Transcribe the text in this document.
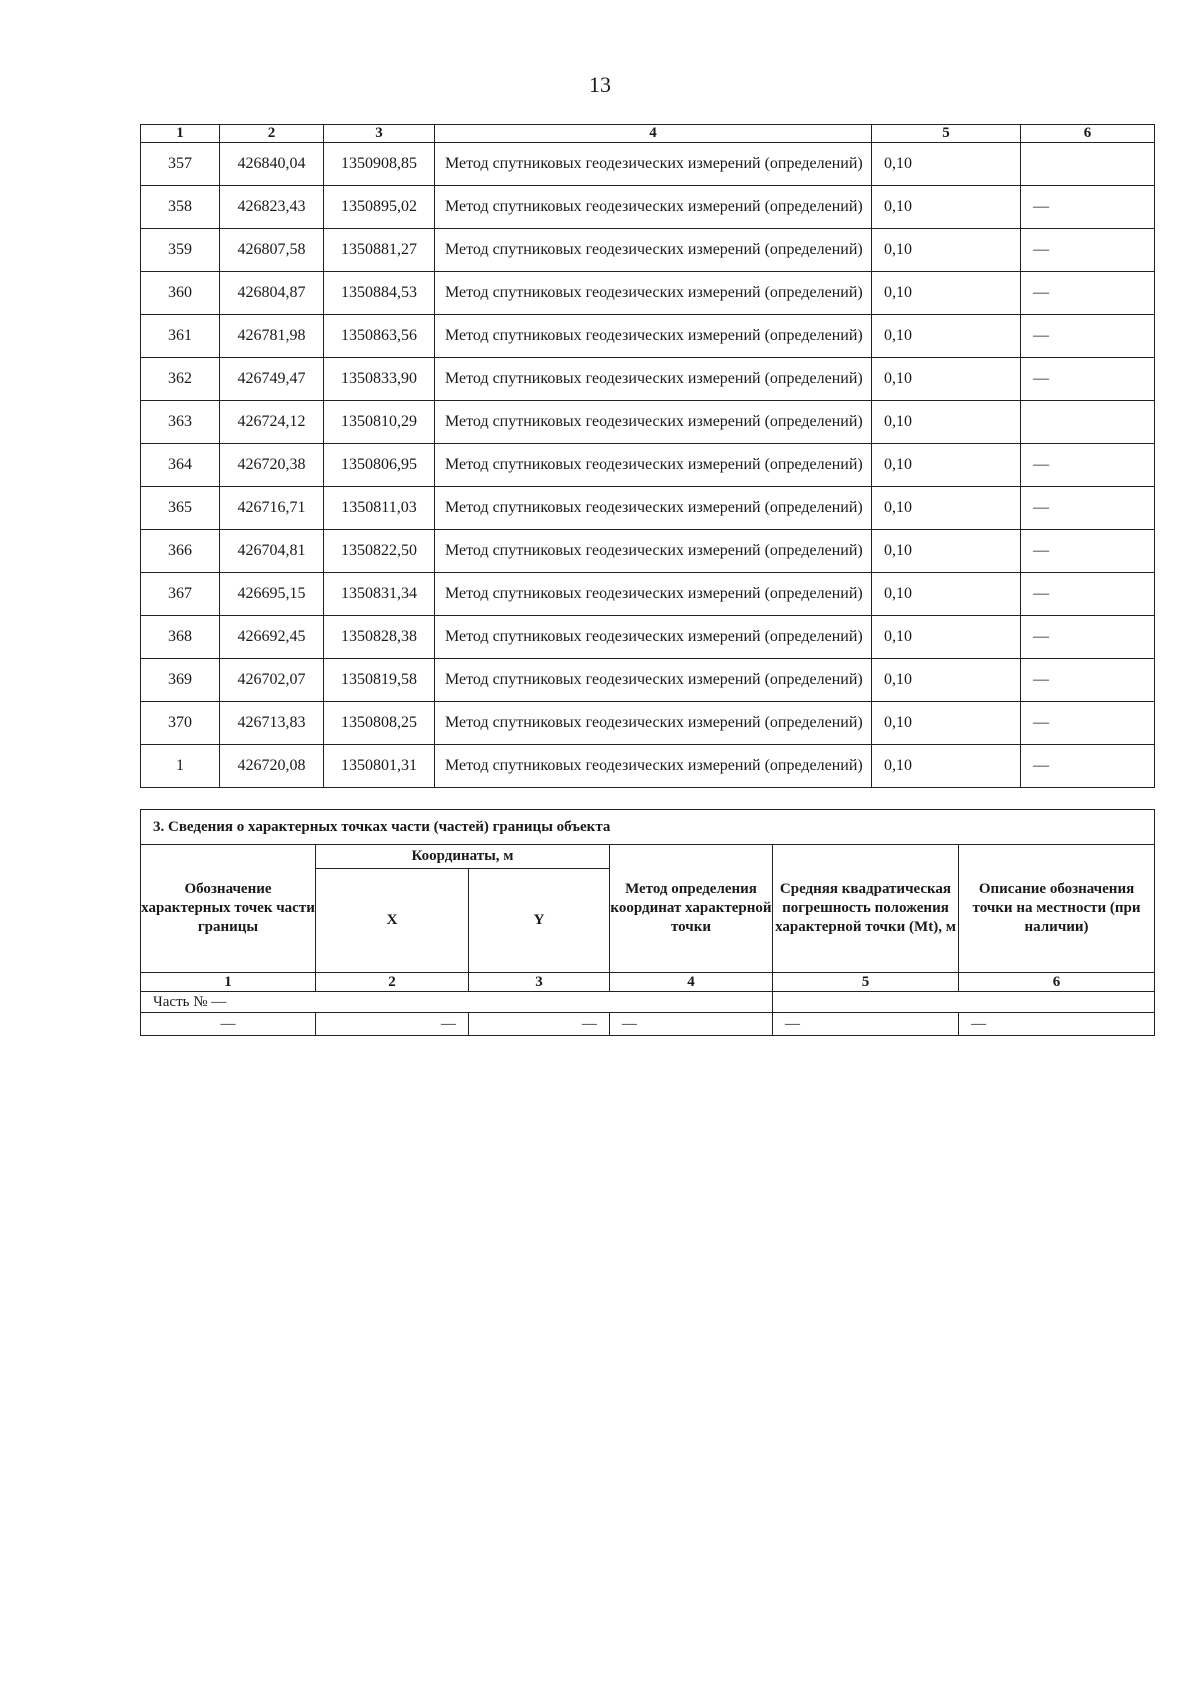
13
1	2	3	4	5	6
357	426840,04	1350908,85	Метод спутниковых геодезических измерений (определений)	0,10	
358	426823,43	1350895,02	Метод спутниковых геодезических измерений (определений)	0,10	—
359	426807,58	1350881,27	Метод спутниковых геодезических измерений (определений)	0,10	—
360	426804,87	1350884,53	Метод спутниковых геодезических измерений (определений)	0,10	—
361	426781,98	1350863,56	Метод спутниковых геодезических измерений (определений)	0,10	—
362	426749,47	1350833,90	Метод спутниковых геодезических измерений (определений)	0,10	—
363	426724,12	1350810,29	Метод спутниковых геодезических измерений (определений)	0,10	
364	426720,38	1350806,95	Метод спутниковых геодезических измерений (определений)	0,10	—
365	426716,71	1350811,03	Метод спутниковых геодезических измерений (определений)	0,10	—
366	426704,81	1350822,50	Метод спутниковых геодезических измерений (определений)	0,10	—
367	426695,15	1350831,34	Метод спутниковых геодезических измерений (определений)	0,10	—
368	426692,45	1350828,38	Метод спутниковых геодезических измерений (определений)	0,10	—
369	426702,07	1350819,58	Метод спутниковых геодезических измерений (определений)	0,10	—
370	426713,83	1350808,25	Метод спутниковых геодезических измерений (определений)	0,10	—
1	426720,08	1350801,31	Метод спутниковых геодезических измерений (определений)	0,10	—
3. Сведения о характерных точках части (частей) границы объекта					
Обозначение характерных точек части границы	Координаты, м		Метод определения координат характерной точки	Средняя квадратическая погрешность положения характерной точки (Mt), м	Описание обозначения точки на местности (при наличии)
	X	Y			
1	2	3	4	5	6
Часть № —					
—	—	—	—	—	—
